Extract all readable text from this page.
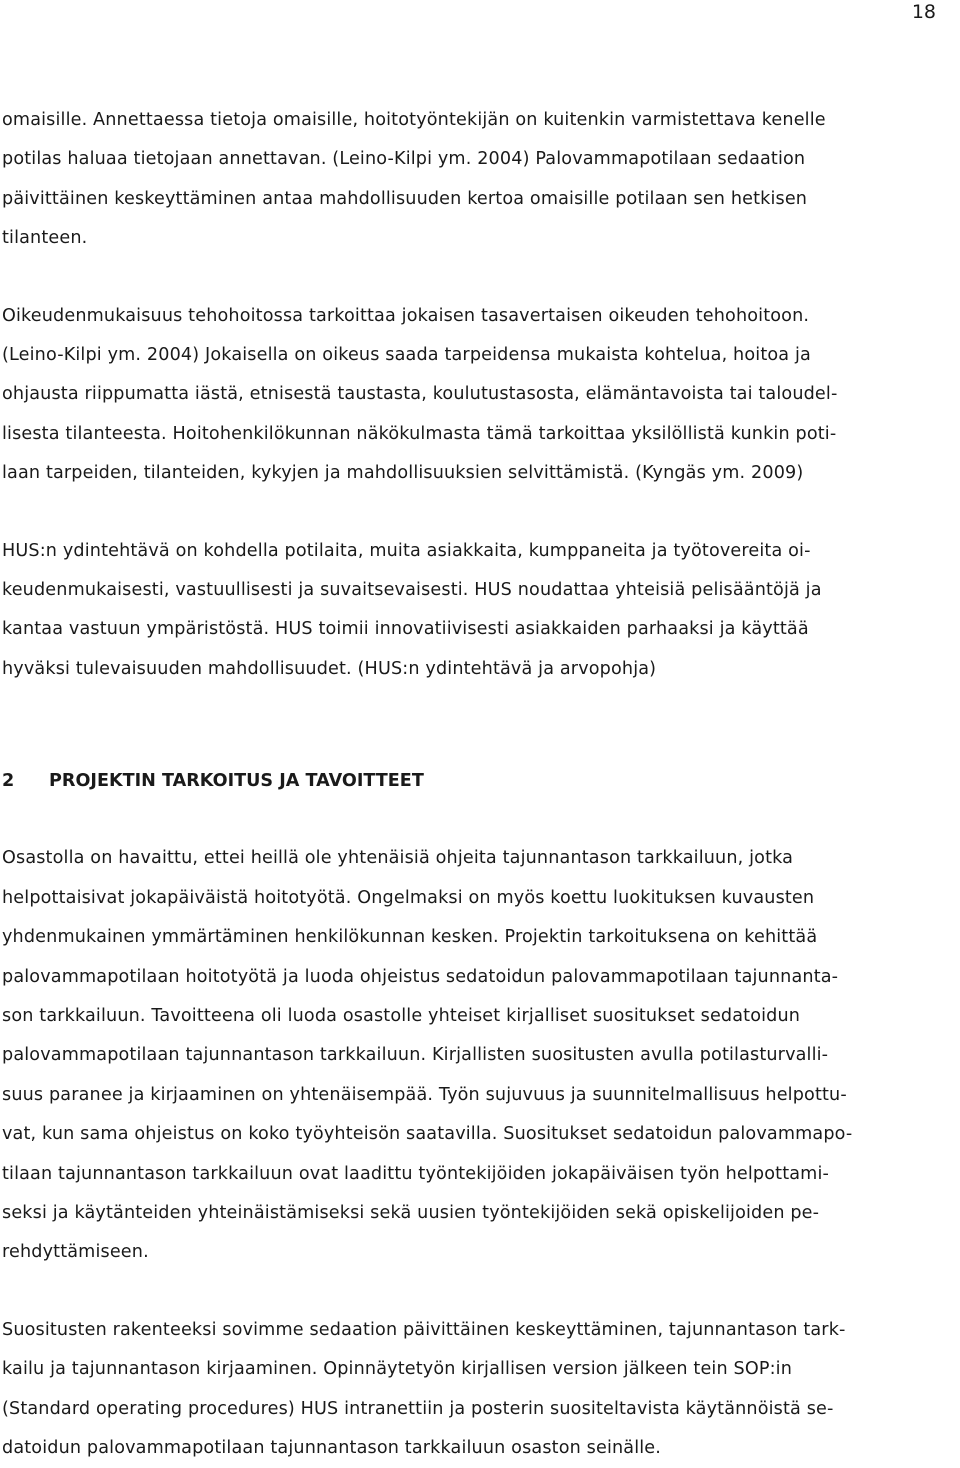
18

omaisille. Annettaessa tietoja omaisille, hoitotyöntekijän on kuitenkin varmistettava kenelle
potilas haluaa tietojaan annettavan. (Leino-Kilpi ym. 2004) Palovammapotilaan sedaation
päivittäinen keskeyttäminen antaa mahdollisuuden kertoa omaisille potilaan sen hetkisen
tilanteen.

Oikeudenmukaisuus tehohoitossa tarkoittaa jokaisen tasavertaisen oikeuden tehohoitoon.
(Leino-Kilpi ym. 2004) Jokaisella on oikeus saada tarpeidensa mukaista kohtelua, hoitoa ja
ohjausta riippumatta iästä, etnisestä taustasta, koulutustasosta, elämäntavoista tai taloudel-
lisesta tilanteesta. Hoitohenkilökunnan näkökulmasta tämä tarkoittaa yksilöllistä kunkin poti-
laan tarpeiden, tilanteiden, kykyjen ja mahdollisuuksien selvittämistä. (Kyngäs ym. 2009)

HUS:n ydintehtävä on kohdella potilaita, muita asiakkaita, kumppaneita ja työtovereita oi-
keudenmukaisesti, vastuullisesti ja suvaitsevaisesti. HUS noudattaa yhteisiä pelisääntöjä ja
kantaa vastuun ympäristöstä. HUS toimii innovatiivisesti asiakkaiden parhaaksi ja käyttää
hyväksi tulevaisuuden mahdollisuudet. (HUS:n ydintehtävä ja arvopohja)

2 PROJEKTIN TARKOITUS JA TAVOITTEET

Osastolla on havaittu, ettei heillä ole yhtenäisiä ohjeita tajunnantason tarkkailuun, jotka
helpottaisivat jokapäiväistä hoitotyötä. Ongelmaksi on myös koettu luokituksen kuvausten
yhdenmukainen ymmärtäminen henkilökunnan kesken. Projektin tarkoituksena on kehittää
palovammapotilaan hoitotyötä ja luoda ohjeistus sedatoidun palovammapotilaan tajunnanta-
son tarkkailuun. Tavoitteena oli luoda osastolle yhteiset kirjalliset suositukset sedatoidun
palovammapotilaan tajunnantason tarkkailuun. Kirjallisten suositusten avulla potilasturvalli-
suus paranee ja kirjaaminen on yhtenäisempää. Työn sujuvuus ja suunnitelmallisuus helpottu-
vat, kun sama ohjeistus on koko työyhteisön saatavilla. Suositukset sedatoidun palovammapo-
tilaan tajunnantason tarkkailuun ovat laadittu työntekijöiden jokapäiväisen työn helpottami-
seksi ja käytänteiden yhteinäistämiseksi sekä uusien työntekijöiden sekä opiskelijoiden pe-
rehdyttämiseen.

Suositusten rakenteeksi sovimme sedaation päivittäinen keskeyttäminen, tajunnantason tark-
kailu ja tajunnantason kirjaaminen. Opinnäytetyön kirjallisen version jälkeen tein SOP:in
(Standard operating procedures) HUS intranettiin ja posterin suositeltavista käytännöistä se-
datoidun palovammapotilaan tajunnantason tarkkailuun osaston seinälle.
